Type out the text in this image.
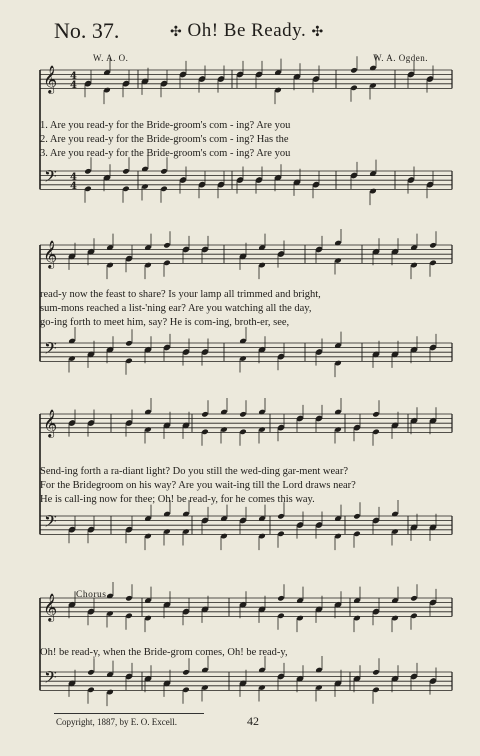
No. 37.	✣ Oh! Be Ready. ✣
W. A. O.	W. A. Ogden.
𝄞
𝄢
4
4
4
4
𝄞
𝄢
𝄞
𝄢
𝄞
𝄢
1. Are you read-y for the Bride-groom's com - ing? Are you
2. Are you read-y for the Bride-groom's com - ing? Has the
3. Are you read-y for the Bride-groom's com - ing? Are you
read-y now the feast to share? Is your lamp all trimmed and bright,
sum-mons reached a list-'ning ear? Are you watching all the day,
go-ing forth to meet him, say? He is com-ing, broth-er, see,
Send-ing forth a ra-diant light? Do you still the wed-ding gar-ment wear?
For the Bridegroom on his way? Are you wait-ing till the Lord draws near?
He is call-ing now for thee; Oh! be read-y, for he comes this way.
Chorus.
Oh! be read-y, when the Bride-grom comes, Oh! be read-y,
Copyright, 1887, by E. O. Excell.	42
